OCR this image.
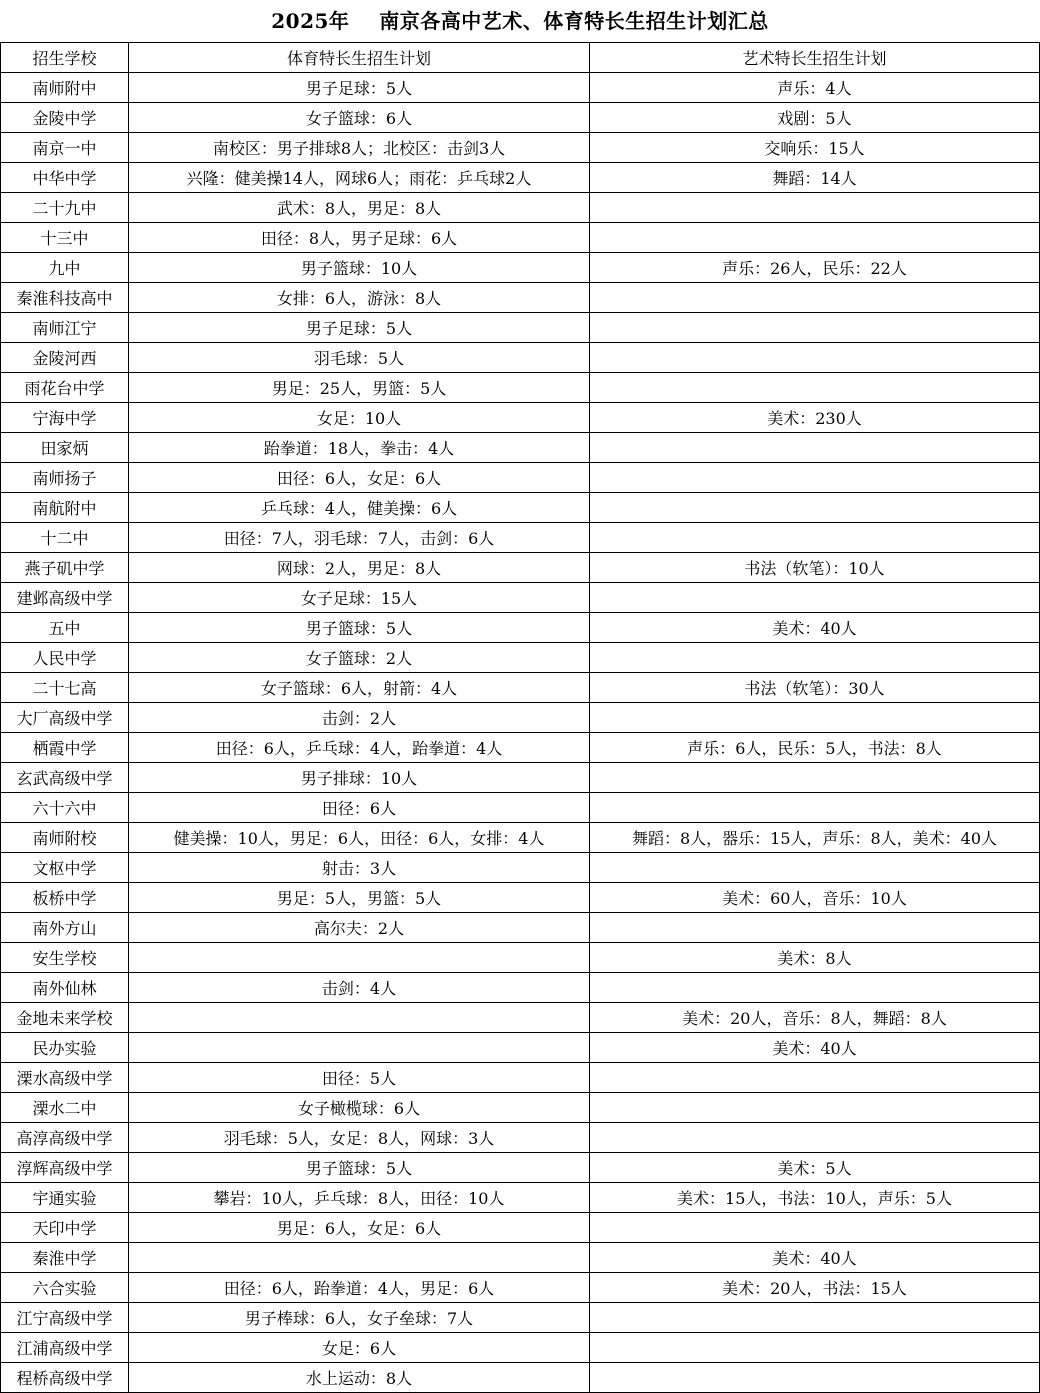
2025年    南京各高中艺术、体育特长生招生计划汇总
招生学校	体育特长生招生计划	艺术特长生招生计划
南师附中	男子足球：5人	声乐：4人
金陵中学	女子篮球：6人	戏剧：5人
南京一中	南校区：男子排球8人；北校区：击剑3人	交响乐：15人
中华中学	兴隆：健美操14人，网球6人；雨花：乒乓球2人	舞蹈：14人
二十九中	武术：8人，男足：8人	
十三中	田径：8人，男子足球：6人	
九中	男子篮球：10人	声乐：26人，民乐：22人
秦淮科技高中	女排：6人，游泳：8人	
南师江宁	男子足球：5人	
金陵河西	羽毛球：5人	
雨花台中学	男足：25人，男篮：5人	
宁海中学	女足：10人	美术：230人
田家炳	跆拳道：18人，拳击：4人	
南师扬子	田径：6人，女足：6人	
南航附中	乒乓球：4人，健美操：6人	
十二中	田径：7人，羽毛球：7人，击剑：6人	
燕子矶中学	网球：2人，男足：8人	书法（软笔）：10人
建邺高级中学	女子足球：15人	
五中	男子篮球：5人	美术：40人
人民中学	女子篮球：2人	
二十七高	女子篮球：6人，射箭：4人	书法（软笔）：30人
大厂高级中学	击剑：2人	
栖霞中学	田径：6人，乒乓球：4人，跆拳道：4人	声乐：6人，民乐：5人，书法：8人
玄武高级中学	男子排球：10人	
六十六中	田径：6人	
南师附校	健美操：10人，男足：6人，田径：6人，女排：4人	舞蹈：8人，器乐：15人，声乐：8人，美术：40人
文枢中学	射击：3人	
板桥中学	男足：5人，男篮：5人	美术：60人，音乐：10人
南外方山	高尔夫：2人	
安生学校		美术：8人
南外仙林	击剑：4人	
金地未来学校		美术：20人，音乐：8人，舞蹈：8人
民办实验		美术：40人
溧水高级中学	田径：5人	
溧水二中	女子橄榄球：6人	
高淳高级中学	羽毛球：5人，女足：8人，网球：3人	
淳辉高级中学	男子篮球：5人	美术：5人
宇通实验	攀岩：10人，乒乓球：8人，田径：10人	美术：15人，书法：10人，声乐：5人
天印中学	男足：6人，女足：6人	
秦淮中学		美术：40人
六合实验	田径：6人，跆拳道：4人，男足：6人	美术：20人，书法：15人
江宁高级中学	男子棒球：6人，女子垒球：7人	
江浦高级中学	女足：6人	
程桥高级中学	水上运动：8人	
